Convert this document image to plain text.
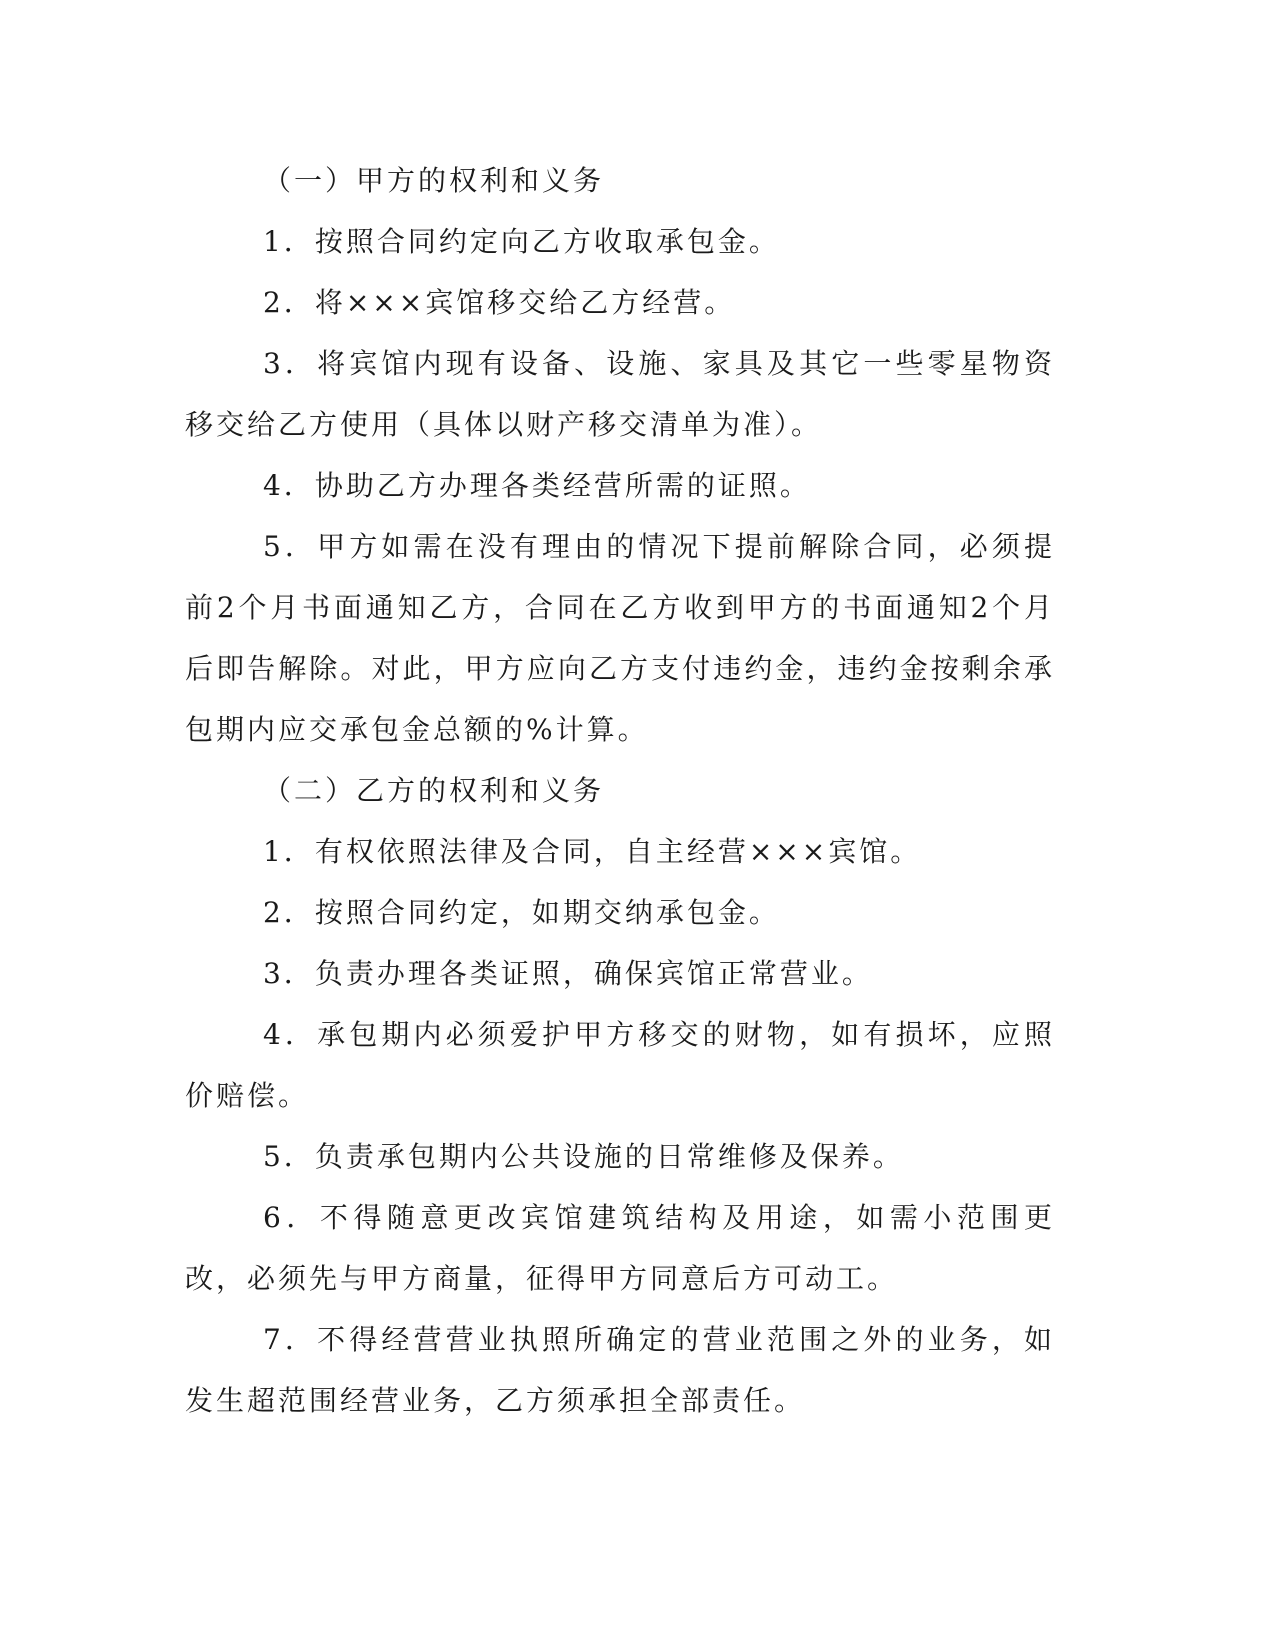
（一）甲方的权利和义务

1．按照合同约定向乙方收取承包金。

2．将×××宾馆移交给乙方经营。

3．将宾馆内现有设备、设施、家具及其它一些零星物资移交给乙方使用（具体以财产移交清单为准）。

4．协助乙方办理各类经营所需的证照。

5．甲方如需在没有理由的情况下提前解除合同，必须提前2个月书面通知乙方，合同在乙方收到甲方的书面通知2个月后即告解除。对此，甲方应向乙方支付违约金，违约金按剩余承包期内应交承包金总额的%计算。

（二）乙方的权利和义务

1．有权依照法律及合同，自主经营×××宾馆。

2．按照合同约定，如期交纳承包金。

3．负责办理各类证照，确保宾馆正常营业。

4．承包期内必须爱护甲方移交的财物，如有损坏，应照价赔偿。

5．负责承包期内公共设施的日常维修及保养。

6．不得随意更改宾馆建筑结构及用途，如需小范围更改，必须先与甲方商量，征得甲方同意后方可动工。

7．不得经营营业执照所确定的营业范围之外的业务，如发生超范围经营业务，乙方须承担全部责任。
